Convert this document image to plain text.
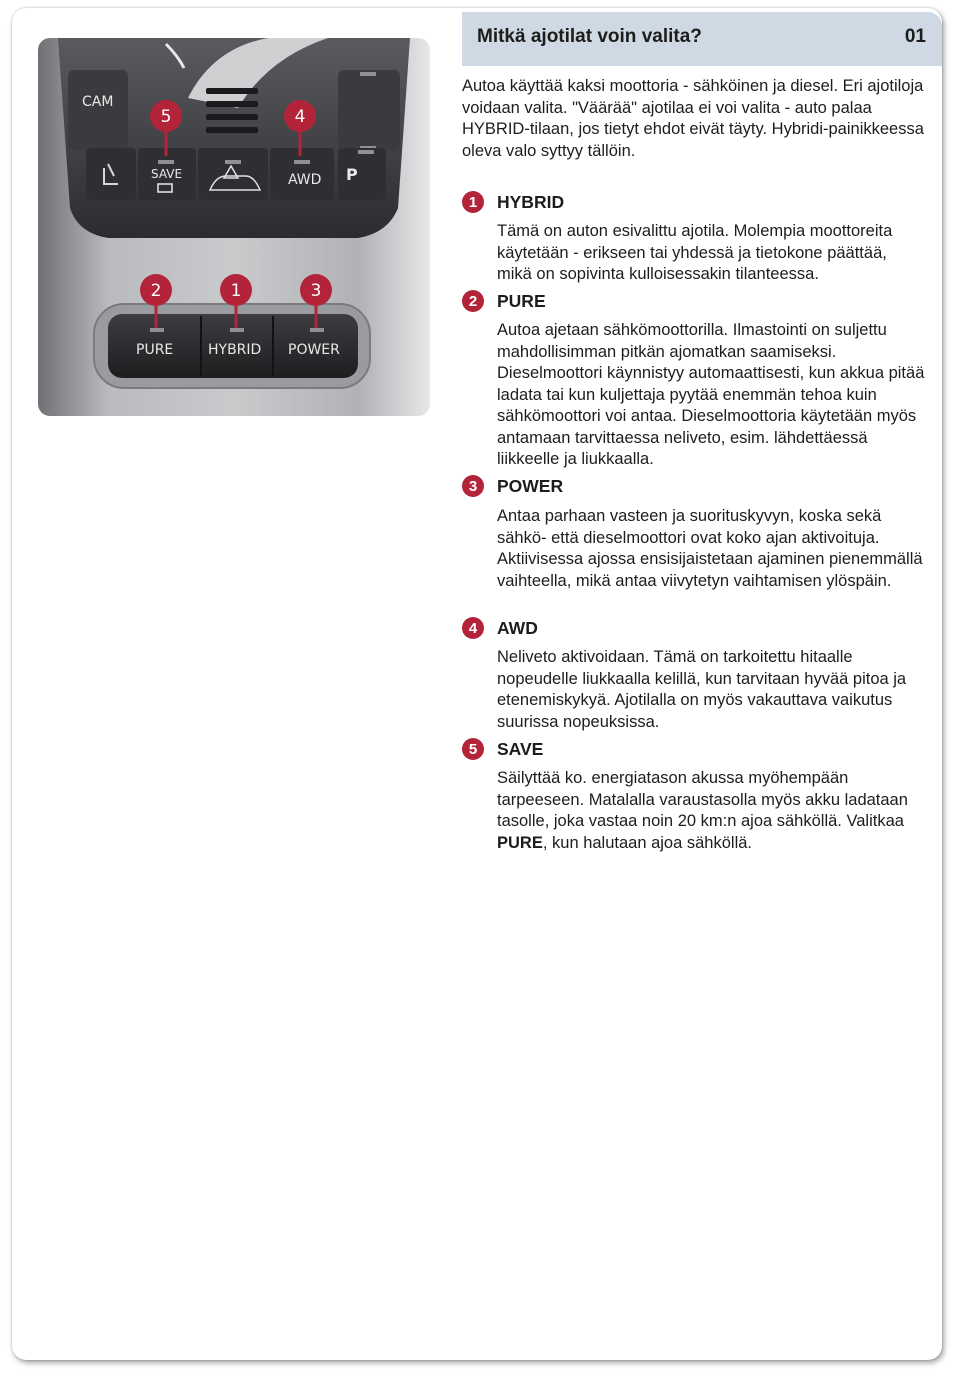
Mitkä ajotilat voin valita?	01
CAM
SAVE	AWD P
PURE HYBRID POWER
5	4
2	1	3
Autoa käyttää kaksi moottoria - sähköinen ja diesel. Eri ajotiloja voidaan valita. "Väärää" ajotilaa ei voi valita - auto palaa HYBRID-tilaan, jos tietyt ehdot eivät täyty. Hybridi-painikkeessa oleva valo syttyy tällöin.
1	HYBRID
Tämä on auton esivalittu ajotila. Molempia moottoreita käytetään - erikseen tai yhdessä ja tietokone päättää, mikä on sopivinta kulloisessakin tilanteessa.
2	PURE
Autoa ajetaan sähkömoottorilla. Ilmastointi on suljettu mahdollisimman pitkän ajomatkan saamiseksi. Dieselmoottori käynnistyy automaattisesti, kun akkua pitää ladata tai kun kuljettaja pyytää enemmän tehoa kuin sähkömoottori voi antaa. Dieselmoottoria käytetään myös antamaan tarvittaessa neliveto, esim. lähdettäessä liikkeelle ja liukkaalla.
3	POWER
Antaa parhaan vasteen ja suorituskyvyn, koska sekä sähkö- että dieselmoottori ovat koko ajan aktivoituja. Aktiivisessa ajossa ensisijaistetaan ajaminen pienemmällä vaihteella, mikä antaa viivytetyn vaihtamisen ylöspäin.
4	AWD
Neliveto aktivoidaan. Tämä on tarkoitettu hitaalle nopeudelle liukkaalla kelillä, kun tarvitaan hyvää pitoa ja etenemiskykyä. Ajotilalla on myös vakauttava vaikutus suurissa nopeuksissa.
5	SAVE
Säilyttää ko. energiatason akussa myöhempään tarpeeseen. Matalalla varaustasolla myös akku ladataan tasolle, joka vastaa noin 20 km:n ajoa sähköllä. Valitkaa PURE, kun halutaan ajoa sähköllä.
